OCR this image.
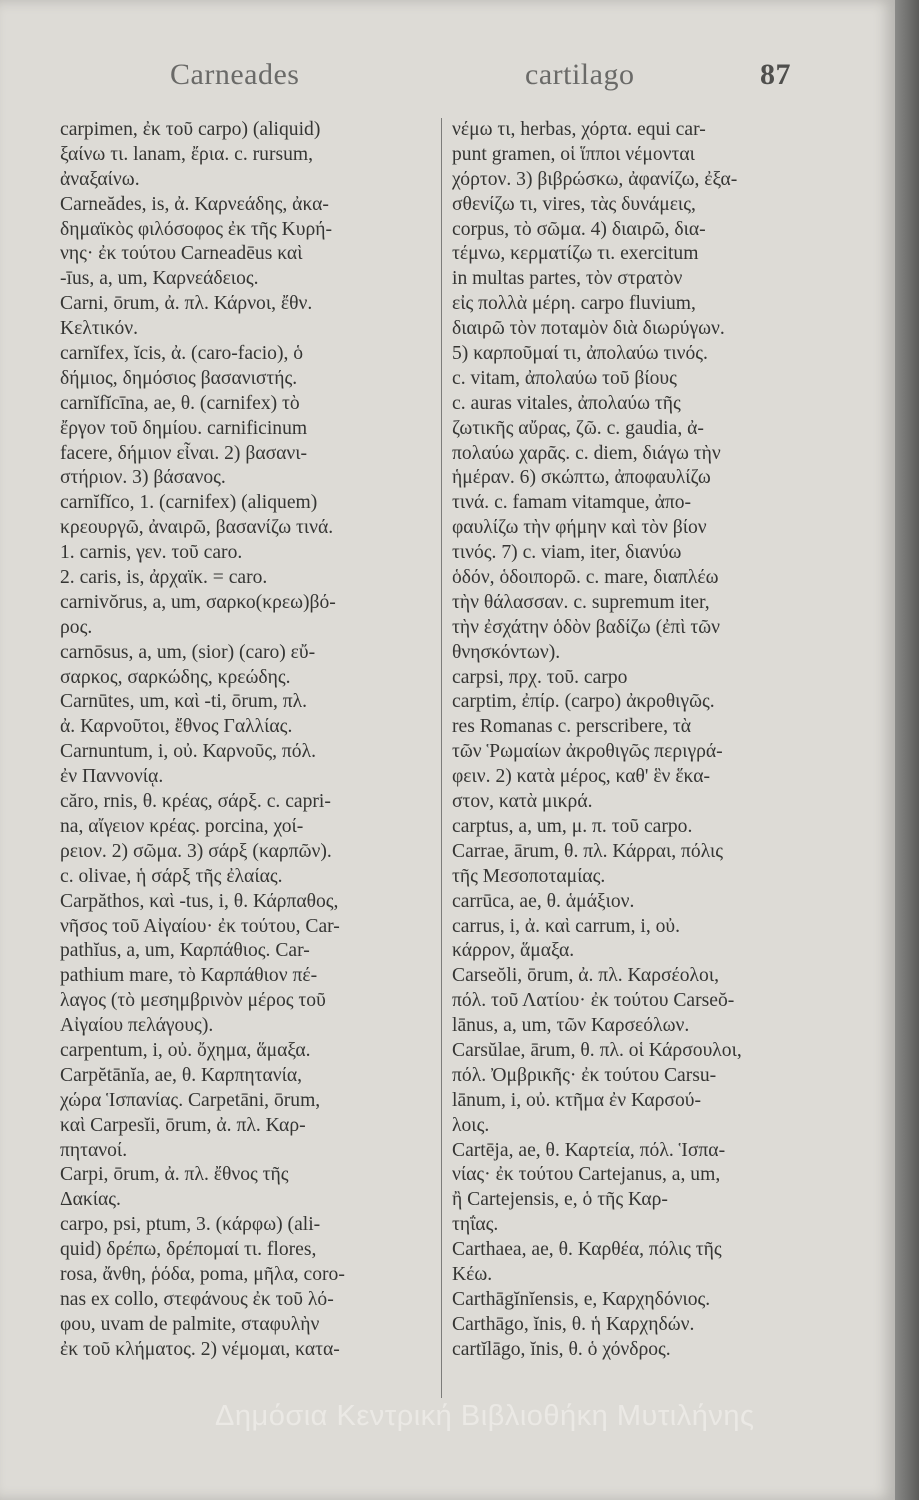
Carneades	cartilago	87
carpimen, ἐκ τοῦ carpo) (aliquid)
ξαίνω τι. lanam, ἔρια. c. rursum,
ἀναξαίνω.
Carneădes, is, ἀ. Καρνεάδης, ἀκα-
δημαϊκὸς φιλόσοφος ἐκ τῆς Κυρή-
νης· ἐκ τούτου Carneadēus καὶ
-īus, a, um, Καρνεάδειος.
Carni, ōrum, ἀ. πλ. Κάρνοι, ἔθν.
Κελτικόν.
carnĭfex, ĭcis, ἀ. (caro-facio), ὁ
δήμιος, δημόσιος βασανιστής.
carnĭfĭcīna, ae, θ. (carnifex) τὸ
ἔργον τοῦ δημίου. carnificinum
facere, δήμιον εἶναι. 2) βασανι-
στήριον. 3) βάσανος.
carnĭfĭco, 1. (carnifex) (aliquem)
κρεουργῶ, ἀναιρῶ, βασανίζω τινά.
1. carnis, γεν. τοῦ caro.
2. caris, is, ἀρχαϊκ. = caro.
carnivŏrus, a, um, σαρκο(κρεω)βό-
ρος.
carnōsus, a, um, (sior) (caro) εὔ-
σαρκος, σαρκώδης, κρεώδης.
Carnūtes, um, καὶ -ti, ōrum, πλ.
ἀ. Καρνοῦτοι, ἔθνος Γαλλίας.
Carnuntum, i, οὐ. Καρνοῦς, πόλ.
ἐν Παννονίᾳ.
căro, rnis, θ. κρέας, σάρξ. c. capri-
na, αἴγειον κρέας. porcina, χοί-
ρειον. 2) σῶμα. 3) σάρξ (καρπῶν).
c. olivae, ἡ σάρξ τῆς ἐλαίας.
Carpăthos, καὶ -tus, i, θ. Κάρπαθος,
νῆσος τοῦ Αἰγαίου· ἐκ τούτου, Car-
pathĭus, a, um, Καρπάθιος. Car-
pathium mare, τὸ Καρπάθιον πέ-
λαγος (τὸ μεσημβρινὸν μέρος τοῦ
Αἰγαίου πελάγους).
carpentum, i, οὐ. ὄχημα, ἅμαξα.
Carpĕtānĭa, ae, θ. Καρπητανία,
χώρα Ἱσπανίας. Carpetāni, ōrum,
καὶ Carpesĭi, ōrum, ἀ. πλ. Καρ-
πητανοί.
Carpi, ōrum, ἀ. πλ. ἔθνος τῆς
Δακίας.
carpo, psi, ptum, 3. (κάρφω) (ali-
quid) δρέπω, δρέπομαί τι. flores,
rosa, ἄνθη, ῥόδα, poma, μῆλα, coro-
nas ex collo, στεφάνους ἐκ τοῦ λό-
φου, uvam de palmite, σταφυλὴν
ἐκ τοῦ κλήματος. 2) νέμομαι, κατα-
νέμω τι, herbas, χόρτα. equi car-
punt gramen, οἱ ἵπποι νέμονται
χόρτον. 3) βιβρώσκω, ἀφανίζω, ἐξα-
σθενίζω τι, vires, τὰς δυνάμεις,
corpus, τὸ σῶμα. 4) διαιρῶ, δια-
τέμνω, κερματίζω τι. exercitum
in multas partes, τὸν στρατὸν
εἰς πολλὰ μέρη. carpo fluvium,
διαιρῶ τὸν ποταμὸν διὰ διωρύγων.
5) καρποῦμαί τι, ἀπολαύω τινός.
c. vitam, ἀπολαύω τοῦ βίους
c. auras vitales, ἀπολαύω τῆς
ζωτικῆς αὔρας, ζῶ. c. gaudia, ἀ-
πολαύω χαρᾶς. c. diem, διάγω τὴν
ἡμέραν. 6) σκώπτω, ἀποφαυλίζω
τινά. c. famam vitamque, ἀπο-
φαυλίζω τὴν φήμην καὶ τὸν βίον
τινός. 7) c. viam, iter, διανύω
ὁδόν, ὁδοιπορῶ. c. mare, διαπλέω
τὴν θάλασσαν. c. supremum iter,
τὴν ἐσχάτην ὁδὸν βαδίζω (ἐπὶ τῶν
θνησκόντων).
carpsi, πρχ. τοῦ. carpo
carptim, ἐπίρ. (carpo) ἀκροθιγῶς.
res Romanas c. perscribere, τὰ
τῶν Ῥωμαίων ἀκροθιγῶς περιγρά-
φειν. 2) κατὰ μέρος, καθ' ἓν ἕκα-
στον, κατὰ μικρά.
carptus, a, um, μ. π. τοῦ carpo.
Carrae, ārum, θ. πλ. Κάρραι, πόλις
τῆς Μεσοποταμίας.
carrūca, ae, θ. ἁμάξιον.
carrus, i, ἀ. καὶ carrum, i, οὐ.
κάρρον, ἅμαξα.
Carseŏli, ōrum, ἀ. πλ. Καρσέολοι,
πόλ. τοῦ Λατίου· ἐκ τούτου Carseŏ-
lānus, a, um, τῶν Καρσεόλων.
Carsŭlae, ārum, θ. πλ. οἱ Κάρσουλοι,
πόλ. Ὀμβρικῆς· ἐκ τούτου Carsu-
lānum, i, οὐ. κτῆμα ἐν Καρσού-
λοις.
Cartēja, ae, θ. Καρτεία, πόλ. Ἱσπα-
νίας· ἐκ τούτου Cartejanus, a, um,
ἢ Cartejensis, e, ὁ τῆς Καρ-
τηΐας.
Carthaea, ae, θ. Καρθέα, πόλις τῆς
Κέω.
Carthāgĭnĭensis, e, Καρχηδόνιος.
Carthāgo, ĭnis, θ. ἡ Καρχηδών.
cartĭlāgo, ĭnis, θ. ὁ χόνδρος.
Δημόσια Κεντρική Βιβλιοθήκη Μυτιλήνης
